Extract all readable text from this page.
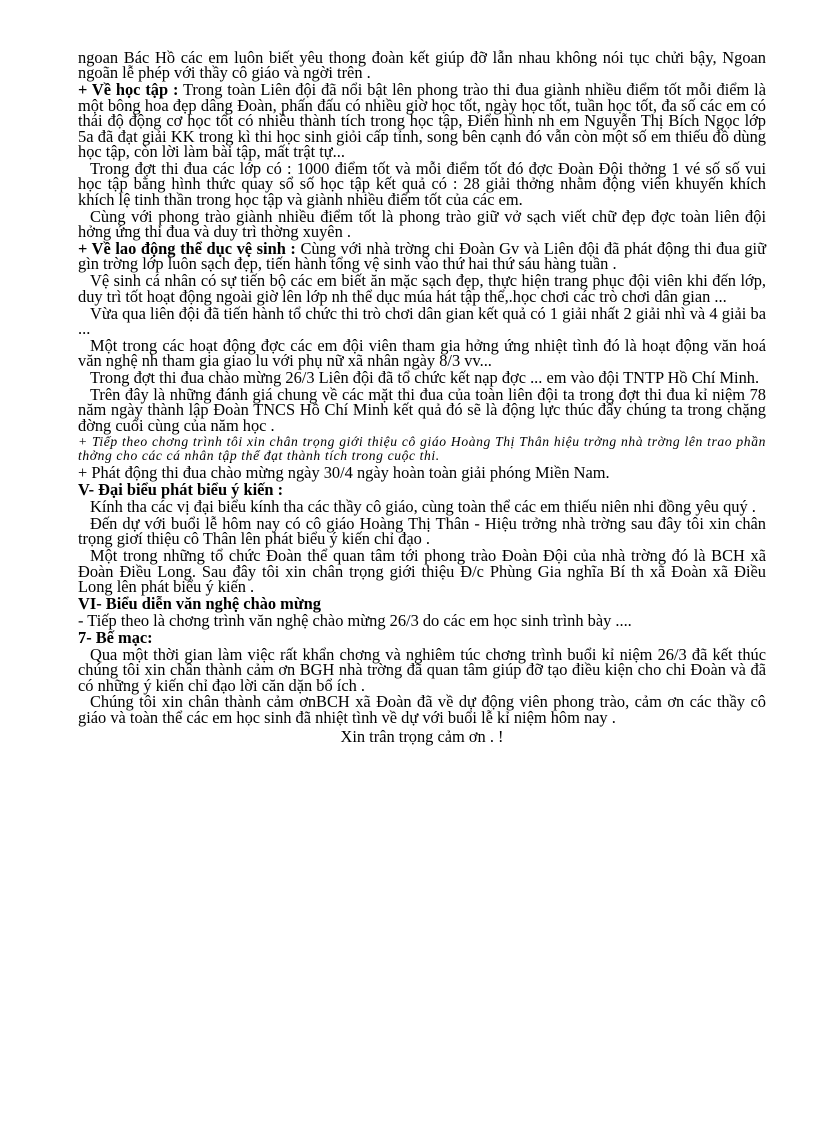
ngoan Bác Hồ các em luôn biết yêu thong đoàn kết giúp đỡ lẫn nhau không nói tục chửi bậy, Ngoan ngoãn lễ phép với thầy cô giáo và ngời trên .

+ Về học tập : Trong toàn Liên đội đã nổi bật lên phong trào thi đua giành nhiều điểm tốt mỗi điểm là một bông hoa đẹp dâng Đoàn, phấn đấu có nhiều giờ học tốt, ngày học tốt, tuần học tốt, đa số các em có thái độ động cơ học tốt có nhiều thành tích trong học tập, Điển hình nh em Nguyễn Thị Bích Ngọc lớp 5a đã đạt giải KK trong kì thi học sinh giỏi cấp tỉnh, song bên cạnh đó vẫn còn một số em thiếu đồ dùng học tập, còn lời làm bài tập, mất trật tự...

Trong đợt thi đua các lớp có : 1000 điểm tốt và mỗi điểm tốt đó đợc Đoàn Đội thởng 1 vé số số vui học tập bằng hình thức quay sổ số học tập kết quả có : 28 giải thởng nhằm động viên khuyến khích khích lệ tinh thần trong học tập và giành nhiều điểm tốt của các em.

Cùng với phong trào giành nhiều điểm tốt là phong trào giữ vở sạch viết chữ đẹp đợc toàn liên đội hởng ứng thi đua và duy trì thờng xuyên .

+ Về lao động thể dục vệ sinh : Cùng với nhà trờng chi Đoàn Gv và Liên đội đã phát động thi đua giữ gìn trờng lớp luôn sạch đẹp, tiến hành tổng vệ sinh vào thứ hai thứ sáu hàng tuần .

Vệ sinh cá nhân có sự tiến bộ các em biết ăn mặc sạch đẹp, thực hiện trang phục đội viên khi đến lớp, duy trì tốt hoạt động ngoài giờ lên lớp nh thể dục múa hát tập thể,.học chơi các trò chơi dân gian ...

Vừa qua liên đội đã tiến hành tổ chức thi trò chơi dân gian kết quả có 1 giải nhất 2 giải nhì và 4 giải ba ...

Một trong các hoạt động đợc các em đội viên tham gia hởng ứng nhiệt tình đó là hoạt động văn hoá văn nghệ nh tham gia giao lu với phụ nữ xã nhân ngày 8/3 vv...

Trong đợt thi đua chào mừng 26/3 Liên đội đã tổ chức kết nạp đợc ... em vào đội TNTP Hồ Chí Minh.

Trên đây là những đánh giá chung về các mặt thi đua của toàn liên đội ta trong đợt thi đua kỉ niệm 78 năm ngày thành lập Đoàn TNCS Hồ Chí Minh kết quả đó sẽ là động lực thúc đẩy chúng ta trong chặng đờng cuối cùng của năm học .

+ Tiếp theo chơng trình tôi xin chân trọng giới thiệu cô giáo Hoàng Thị Thân hiệu trởng nhà trờng lên trao phần thởng cho các cá nhân tập thể đạt thành tích trong cuộc thi.

+ Phát động thi đua chào mừng ngày 30/4 ngày hoàn toàn giải phóng Miền Nam.

V- Đại biểu phát biểu ý kiến :

Kính tha các vị đại biểu kính tha các thầy cô giáo, cùng toàn thể các em thiếu niên nhi đồng yêu quý .

Đến dự với buổi lễ hôm nay có cô giáo Hoàng Thị Thân - Hiệu trởng nhà trờng sau đây tôi xin chân trọng giơí thiệu cô Thân lên phát biểu ý kiến chỉ đạo .

Một trong những tổ chức Đoàn thể quan tâm tới phong trào Đoàn Đội của nhà trờng đó là BCH xã Đoàn Điều Long. Sau đây tôi xin chân trọng giới thiệu Đ/c Phùng Gia nghĩa Bí th xã Đoàn xã Điều Long lên phát biểu ý kiến .

VI- Biểu diễn văn nghệ chào mừng

- Tiếp theo là chơng trình văn nghệ chào mừng 26/3 do các em học sinh trình bày ....

7- Bế mạc:

Qua một thời gian làm việc rất khẩn chơng và nghiêm túc chơng trình buổi kỉ niệm 26/3 đã kết thúc chúng tôi xin chân thành cảm ơn BGH nhà trờng đã quan tâm giúp đỡ tạo điều kiện cho chi Đoàn và đã có những ý kiến chỉ đạo lời căn dặn bổ ích .

Chúng tôi xin chân thành cảm ơnBCH xã Đoàn đã về dự động viên phong trào, cảm ơn các thầy cô giáo và toàn thể các em học sinh đã nhiệt tình về dự với buổi lễ kỉ niệm hôm nay .

Xin trân trọng cảm ơn . !
